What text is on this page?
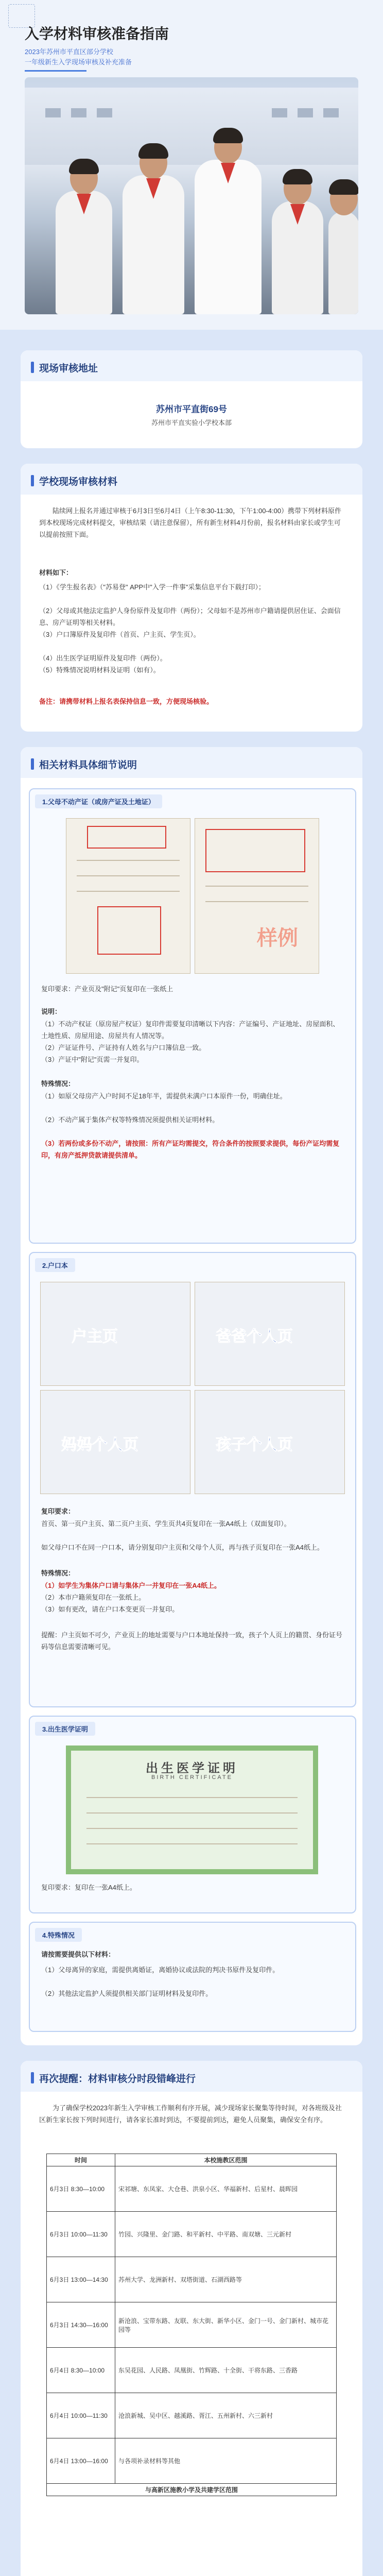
入学材料审核准备指南
2023年苏州市平直区部分学校
一年级新生入学现场审核及补充准备
现场审核地址
苏州市平直街69号
苏州市平直实验小学校本部
学校现场审核材料
陆续网上报名并通过审核于6月3日至6月4日（上午8:30-11:30，下午1:00-4:00）携带下列材料原件到本校现场完成材料提交，审核结果（请注意保留），所有新生材料4月份前，报名材料由家长或学生可以提前按照下面。
材料如下：
（1）《学生报名表》（"苏易登" APP中"入学一件事"采集信息平台下载打印）；
（2）父母或其他法定监护人身份原件及复印件（两份）；父母如不是苏州市户籍请提供居住证、会面信息、房产证明等相关材料。
（3）户口簿原件及复印件（首页、户主页、学生页）。
（4）出生医学证明原件及复印件（两份）。
（5）特殊情况说明材料及证明（如有）。
备注：请携带材料上报名表保持信息一致，方便现场核验。
相关材料具体细节说明
1.父母不动产证（或房产证及土地证）
样例
复印要求：产业页及"附记"页复印在一张纸上
说明：
（1）不动产权证（原房屋产权证）复印件需要复印清晰以下内容：产证编号、产证地址、房屋面积、土地性质、房屋用途、房屋共有人情况等。
（2）产证证件号、产证持有人姓名与户口簿信息一致。
（3）产证中"附记"页需一并复印。
特殊情况：
（1）如原父母房产入户时间不足18年半，需提供未满户口本原件一份，明确住址。
（2）不动产属于集体产权等特殊情况须提供相关证明材料。
（3）若两份或多份不动产，请按照：所有产证均需提交，符合条件的按照要求提供，每份产证均需复印，有房产抵押贷款请提供清单。
2.户口本
户主页	爸爸个人页
妈妈个人页	孩子个人页
复印要求：
首页、第一页户主页、第二页户主页、学生页共4页复印在一张A4纸上（双面复印）。
如父母户口不在同一户口本，请分别复印户主页和父母个人页，再与孩子页复印在一张A4纸上。
特殊情况：
（1）如学生为集体户口请与集体户一并复印在一张A4纸上。
（2）本市户籍须复印在一张纸上。
（3）如有更改，请在户口本变更页一并复印。
提醒：户主页如不可少，产业页上的地址需要与户口本地址保持一致，孩子个人页上的籍贯、身份证号码等信息需要清晰可见。
3.出生医学证明
出生医学证明
BIRTH CERTIFICATE
复印要求：复印在一张A4纸上。
4.特殊情况
请按需要提供以下材料：
（1）父母离异的家庭，需提供离婚证，离婚协议或法院的判决书原件及复印件。
（2）其他法定监护人须提供相关部门证明材料及复印件。
再次提醒：材料审核分时段错峰进行
为了确保学校2023年新生入学审核工作顺利有序开展，减少现场家长聚集等待时间，对各班级及社区新生家长按下列时间进行，请各家长准时到达，不要提前到达，避免人员聚集，确保安全有序。
时间	本校施教区范围
6月3日 8:30—10:00	宋祁塘、东凤家、大仓巷、洪泉小区、华福新村、后星村、晨晖园
6月3日 10:00—11:30	竹园、兴隆里、金门路、和平新村、中平路、南双塘、三元新村
6月3日 13:00—14:30	苏州大学、龙洲新村、双塔街道、石湖西路等
6月3日 14:30—16:00	新沧浪、宝带东路、友联、东大街、新华小区、金门一号、金门新村、城市花园等
6月4日 8:30—10:00	东吴花园、人民路、凤凰街、竹辉路、十全街、干将东路、三香路
6月4日 10:00—11:30	沧浪新城、吴中区、越溪路、胥江、五州新村、六三新村
6月4日 13:00—16:00	与各项补录材料等其他
与高新区施教小学及共建学区范围	
